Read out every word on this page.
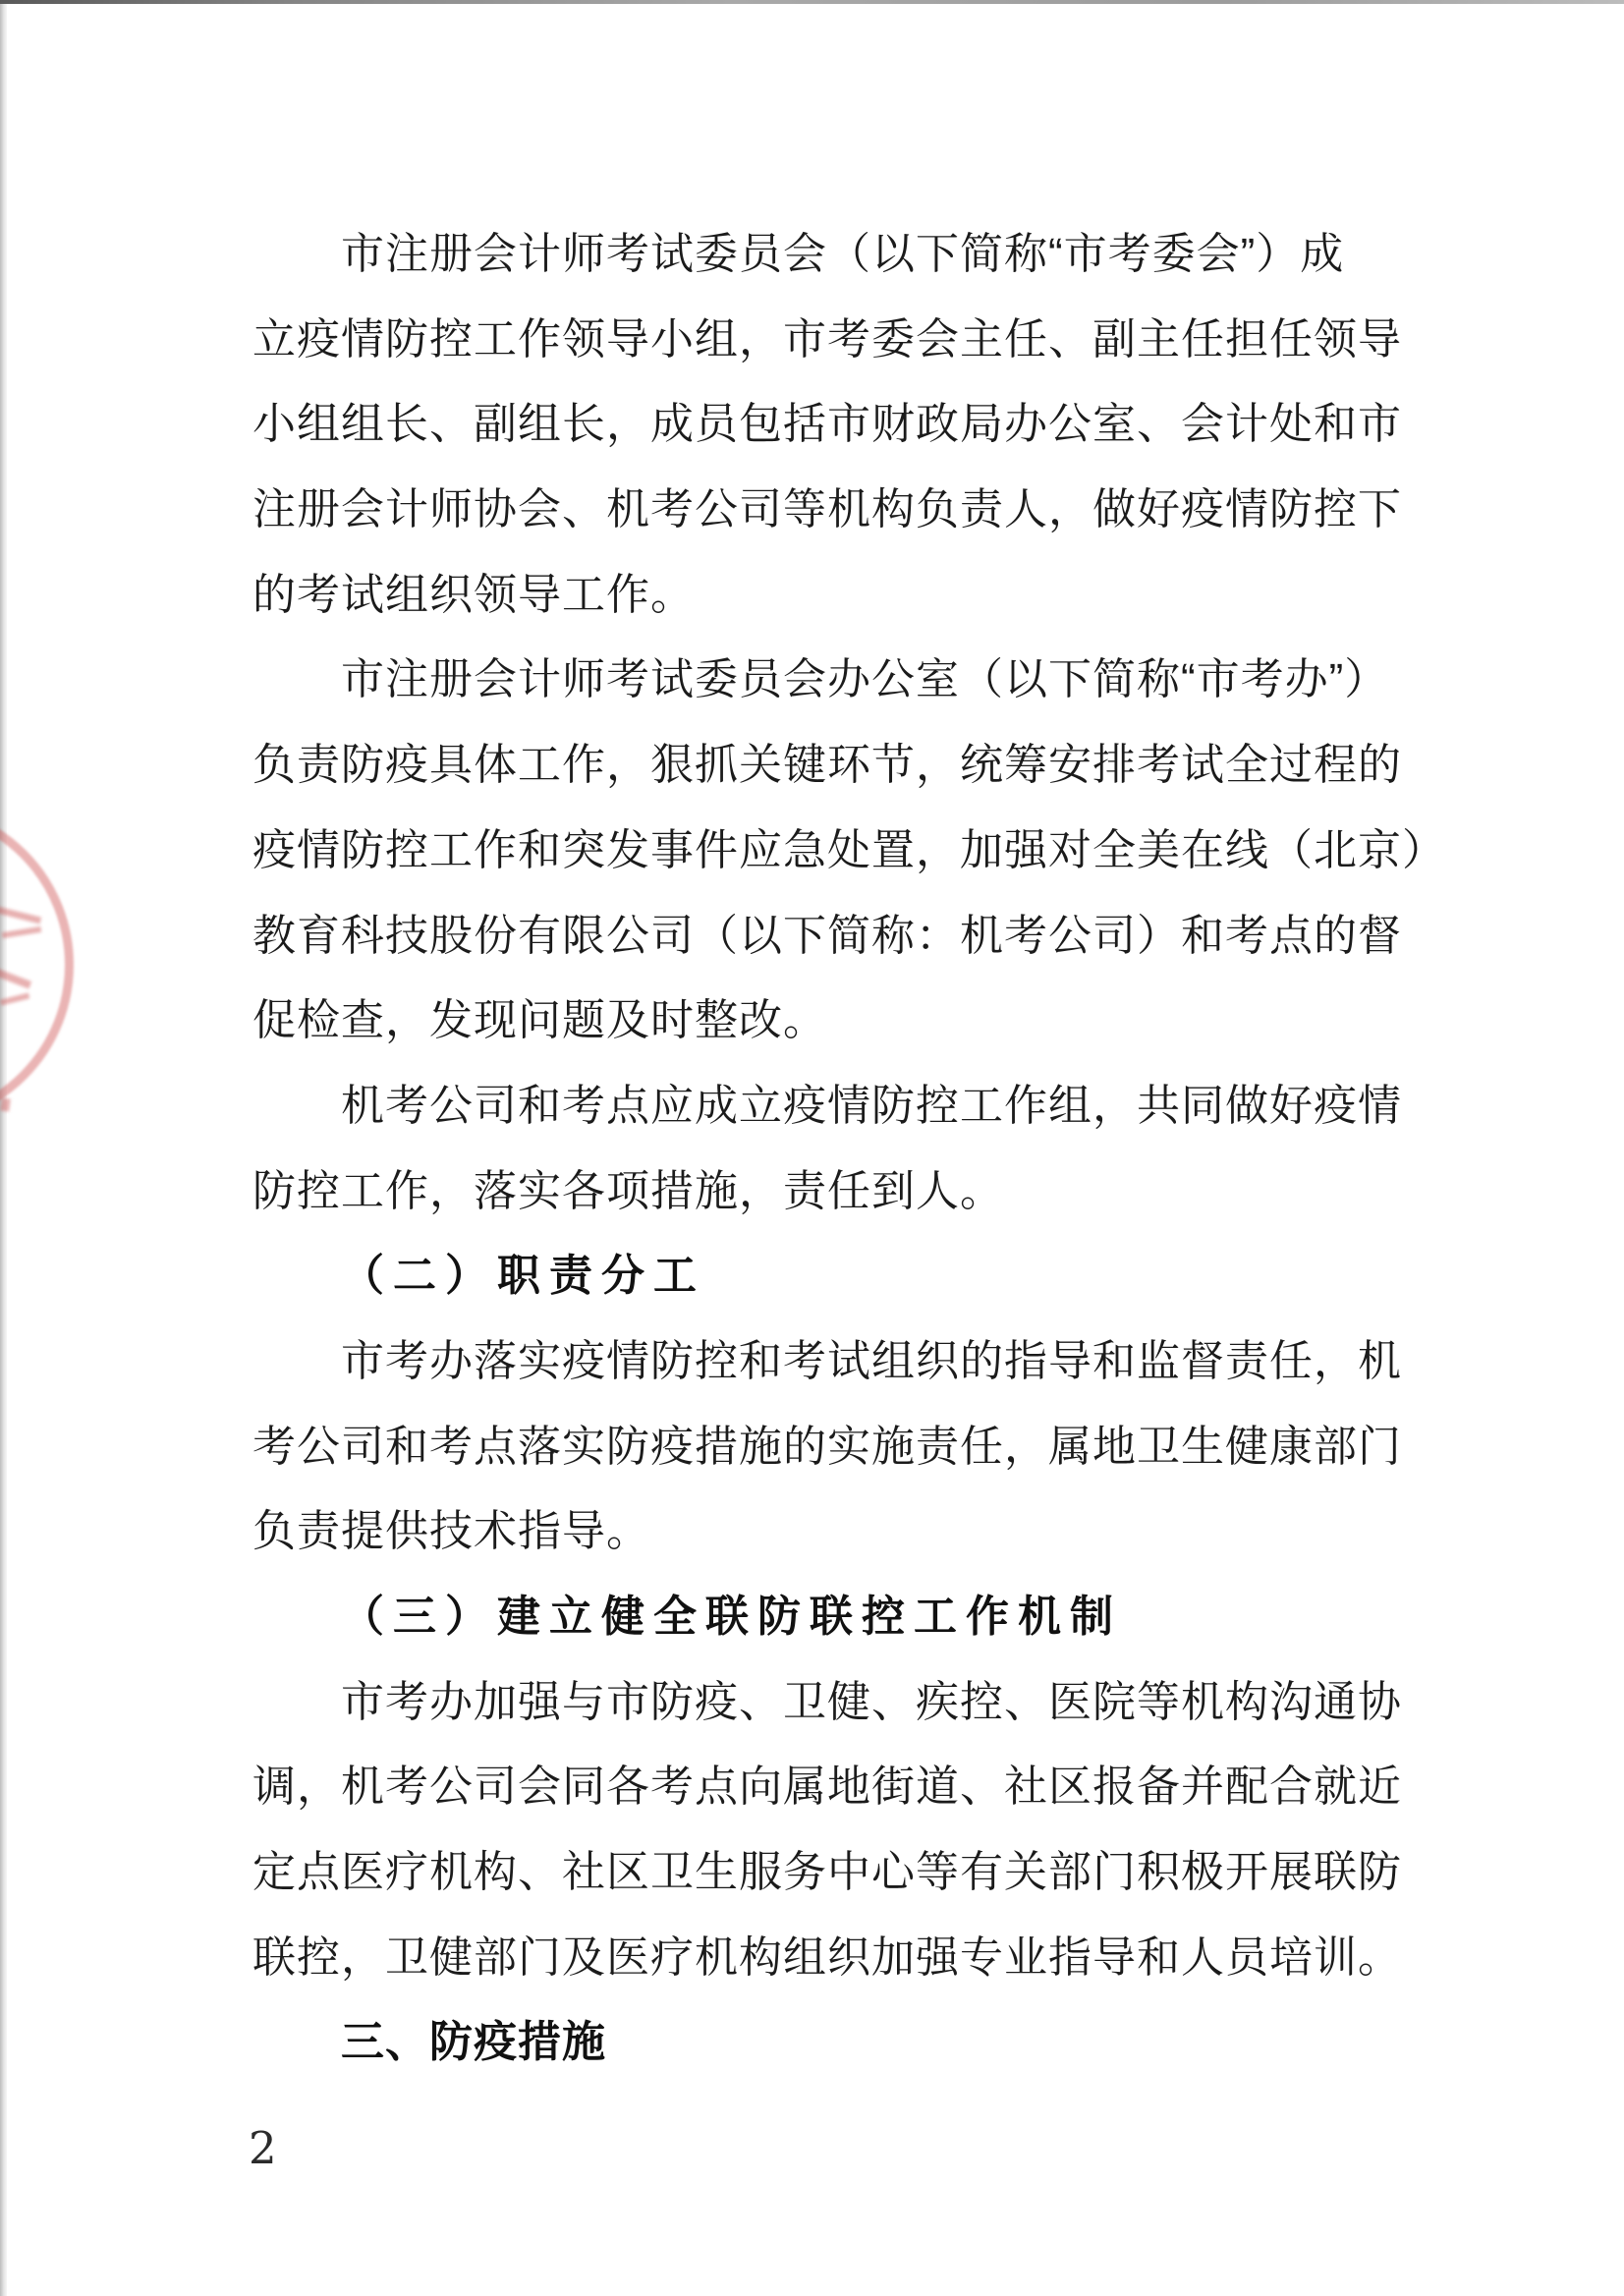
市注册会计师考试委员会（以下简称“市考委会”）成
立疫情防控工作领导小组，市考委会主任、副主任担任领导
小组组长、副组长，成员包括市财政局办公室、会计处和市
注册会计师协会、机考公司等机构负责人，做好疫情防控下
的考试组织领导工作。
市注册会计师考试委员会办公室（以下简称“市考办”）
负责防疫具体工作，狠抓关键环节，统筹安排考试全过程的
疫情防控工作和突发事件应急处置，加强对全美在线（北京）
教育科技股份有限公司（以下简称：机考公司）和考点的督
促检查，发现问题及时整改。
机考公司和考点应成立疫情防控工作组，共同做好疫情
防控工作，落实各项措施，责任到人。
（二）职责分工
市考办落实疫情防控和考试组织的指导和监督责任，机
考公司和考点落实防疫措施的实施责任，属地卫生健康部门
负责提供技术指导。
（三）建立健全联防联控工作机制
市考办加强与市防疫、卫健、疾控、医院等机构沟通协
调，机考公司会同各考点向属地街道、社区报备并配合就近
定点医疗机构、社区卫生服务中心等有关部门积极开展联防
联控，卫健部门及医疗机构组织加强专业指导和人员培训。
三、防疫措施
2
